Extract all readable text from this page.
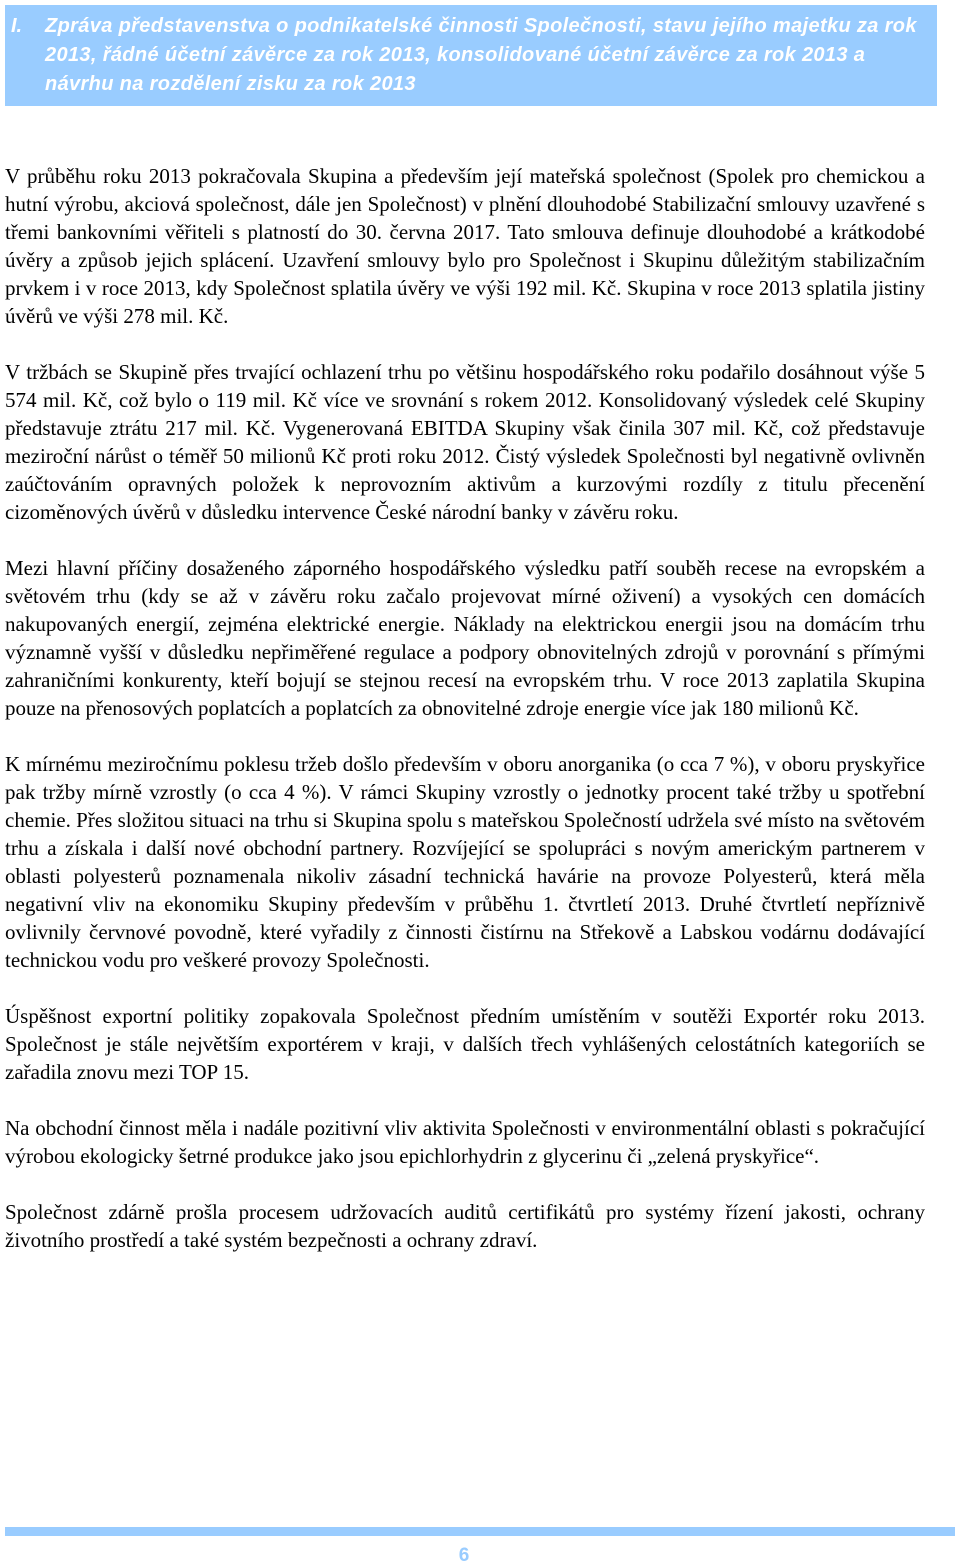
I.	Zpráva představenstva o podnikatelské činnosti Společnosti, stavu jejího majetku za rok 2013, řádné účetní závěrce za rok 2013, konsolidované účetní závěrce za rok 2013 a návrhu na rozdělení zisku za rok 2013

V průběhu roku 2013 pokračovala Skupina a především její mateřská společnost (Spolek pro chemickou a hutní výrobu, akciová společnost, dále jen Společnost) v plnění dlouhodobé Stabilizační smlouvy uzavřené s třemi bankovními věřiteli s platností do 30. června 2017. Tato smlouva definuje dlouhodobé a krátkodobé úvěry a způsob jejich splácení. Uzavření smlouvy bylo pro Společnost i Skupinu důležitým stabilizačním prvkem i v roce 2013, kdy Společnost splatila úvěry ve výši 192 mil. Kč. Skupina v roce 2013 splatila jistiny úvěrů ve výši 278 mil. Kč.

V tržbách se Skupině přes trvající ochlazení trhu po většinu hospodářského roku podařilo dosáhnout výše 5 574 mil. Kč, což bylo o 119 mil. Kč více ve srovnání s rokem 2012. Konsolidovaný výsledek celé Skupiny představuje ztrátu 217 mil. Kč. Vygenerovaná EBITDA Skupiny však činila 307 mil. Kč, což představuje meziroční nárůst o téměř 50 milionů Kč proti roku 2012. Čistý výsledek Společnosti byl negativně ovlivněn zaúčtováním opravných položek k neprovozním aktivům a kurzovými rozdíly z titulu přecenění cizoměnových úvěrů v důsledku intervence České národní banky v závěru roku.

Mezi hlavní příčiny dosaženého záporného hospodářského výsledku patří souběh recese na evropském a světovém trhu (kdy se až v závěru roku začalo projevovat mírné oživení) a vysokých cen domácích nakupovaných energií, zejména elektrické energie. Náklady na elektrickou energii jsou na domácím trhu významně vyšší v důsledku nepřiměřené regulace a podpory obnovitelných zdrojů v porovnání s přímými zahraničními konkurenty, kteří bojují se stejnou recesí na evropském trhu. V roce 2013 zaplatila Skupina pouze na přenosových poplatcích a poplatcích za obnovitelné zdroje energie více jak 180 milionů Kč.

K mírnému meziročnímu poklesu tržeb došlo především v oboru anorganika (o cca 7 %), v oboru pryskyřice pak tržby mírně vzrostly (o cca 4 %). V rámci Skupiny vzrostly o jednotky procent také tržby u spotřební chemie. Přes složitou situaci na trhu si Skupina spolu s mateřskou Společností udržela své místo na světovém trhu a získala i další nové obchodní partnery. Rozvíjející se spolupráci s novým americkým partnerem v oblasti polyesterů poznamenala nikoliv zásadní technická havárie na provoze Polyesterů, která měla negativní vliv na ekonomiku Skupiny především v průběhu 1. čtvrtletí 2013. Druhé čtvrtletí nepříznivě ovlivnily červnové povodně, které vyřadily z činnosti čistírnu na Střekově a Labskou vodárnu dodávající technickou vodu pro veškeré provozy Společnosti.

Úspěšnost exportní politiky zopakovala Společnost předním umístěním v soutěži Exportér roku 2013. Společnost je stále největším exportérem v kraji, v dalších třech vyhlášených celostátních kategoriích se zařadila znovu mezi TOP 15.

Na obchodní činnost měla i nadále pozitivní vliv aktivita Společnosti v environmentální oblasti s pokračující výrobou ekologicky šetrné produkce jako jsou epichlorhydrin z glycerinu či „zelená pryskyřice“.

Společnost zdárně prošla procesem udržovacích auditů certifikátů pro systémy řízení jakosti, ochrany životního prostředí a také systém bezpečnosti a ochrany zdraví.

6
